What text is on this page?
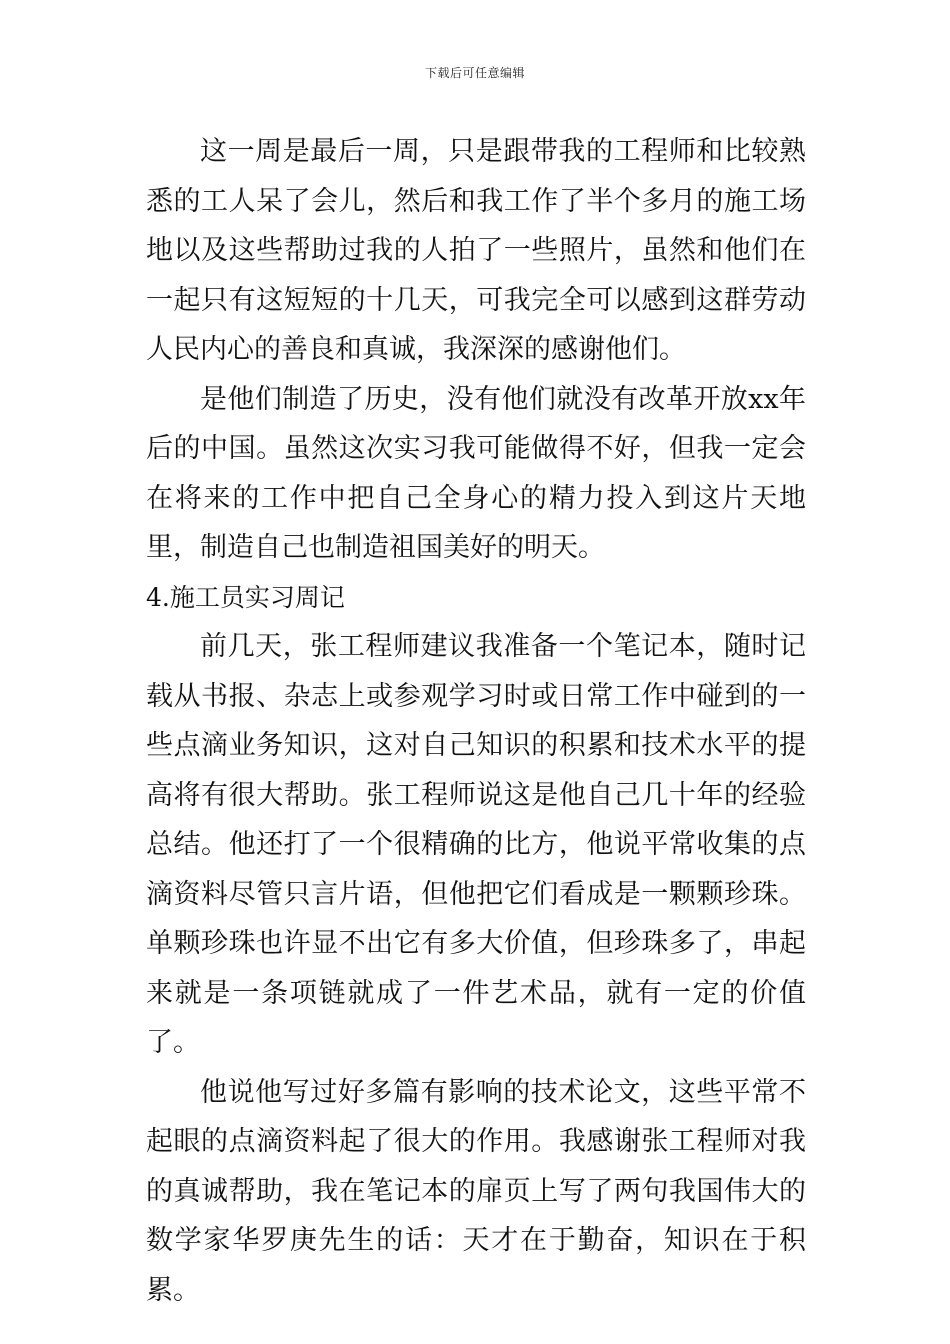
下载后可任意编辑

这一周是最后一周，只是跟带我的工程师和比较熟悉的工人呆了会儿，然后和我工作了半个多月的施工场地以及这些帮助过我的人拍了一些照片，虽然和他们在一起只有这短短的十几天，可我完全可以感到这群劳动人民内心的善良和真诚，我深深的感谢他们。

是他们制造了历史，没有他们就没有改革开放xx年后的中国。虽然这次实习我可能做得不好，但我一定会在将来的工作中把自己全身心的精力投入到这片天地里，制造自己也制造祖国美好的明天。

4.施工员实习周记

前几天，张工程师建议我准备一个笔记本，随时记载从书报、杂志上或参观学习时或日常工作中碰到的一些点滴业务知识，这对自己知识的积累和技术水平的提高将有很大帮助。张工程师说这是他自己几十年的经验总结。他还打了一个很精确的比方，他说平常收集的点滴资料尽管只言片语，但他把它们看成是一颗颗珍珠。单颗珍珠也许显不出它有多大价值，但珍珠多了，串起来就是一条项链就成了一件艺术品，就有一定的价值了。

他说他写过好多篇有影响的技术论文，这些平常不起眼的点滴资料起了很大的作用。我感谢张工程师对我的真诚帮助，我在笔记本的扉页上写了两句我国伟大的数学家华罗庚先生的话：天才在于勤奋，知识在于积累。
